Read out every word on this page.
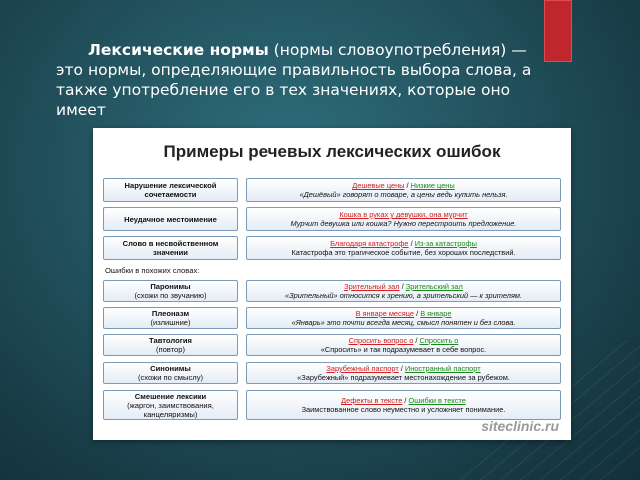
Лексические нормы (нормы словоупотребления) — это нормы, определяющие правильность выбора слова, а также употребление его в тех значениях, которые оно имеет
Примеры речевых лексических ошибок
Нарушение лексической
сочетаемости
Дешевые цены / Низкие цены
«Дешёвый» говорят о товаре, а цены ведь купить нельзя.
Неудачное местоимение	Кошка в руках у девушки, она мурчит
Мурчит девушка или кошка? Нужно перестроить предложение.
Слово в несвойственном
значении
Благодаря катастрофе / Из-за катастрофы
Катастрофа это трагическое событие, без хороших последствий.
Ошибки в похожих словах:
Паронимы
(схожи по звучанию)
Зрительный зал / Зрительский зал
«Зрительный» относится к зрению, а зрительский — к зрителям.
Плеоназм
(излишние)
В январе месяце / В январе
«Январь» это почти всегда месяц, смысл понятен и без слова.
Тавтология
(повтор)
Спросить вопрос о / Спросить о
«Спросить» и так подразумевает в себе вопрос.
Синонимы
(схожи по смыслу)
Зарубежный паспорт / Иностранный паспорт
«Зарубежный» подразумевает местонахождение за рубежом.
Смешение лексики
(жаргон, заимствования,
канцеляризмы)
Дефекты в тексте / Ошибки в тексте
Заимствованное слово неуместно и усложняет понимание.
siteclinic.ru
